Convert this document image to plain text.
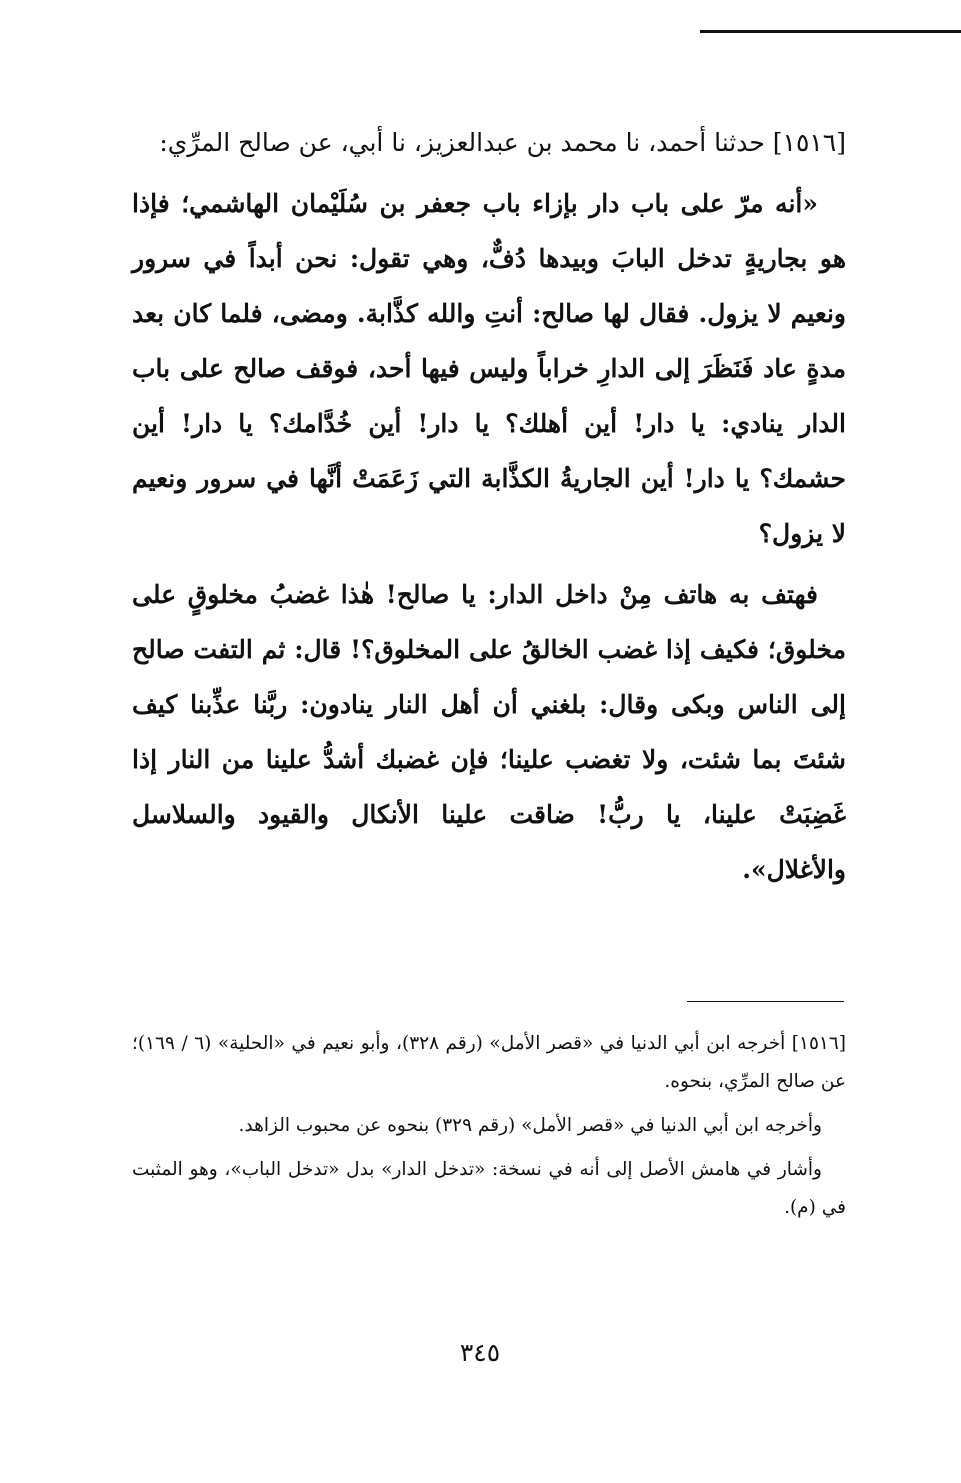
[١٥١٦] حدثنا أحمد، نا محمد بن عبدالعزيز، نا أبي، عن صالح المرِّي:

«أنه مرّ على باب دار بإزاء باب جعفر بن سُلَيْمان الهاشمي؛ فإذا هو بجاريةٍ تدخل البابَ وبيدها دُفٌّ، وهي تقول: نحن أبداً في سرور ونعيم لا يزول. فقال لها صالح: أنتِ والله كذَّابة. ومضى، فلما كان بعد مدةٍ عاد فَنَظَرَ إلى الدارِ خراباً وليس فيها أحد، فوقف صالح على باب الدار ينادي: يا دار! أين أهلك؟ يا دار! أين خُدَّامك؟ يا دار! أين حشمك؟ يا دار! أين الجاريةُ الكذَّابة التي زَعَمَتْ أنَّها في سرور ونعيم لا يزول؟

فهتف به هاتف مِنْ داخل الدار: يا صالح! هٰذا غضبُ مخلوقٍ على مخلوق؛ فكيف إذا غضب الخالقُ على المخلوق؟! قال: ثم التفت صالح إلى الناس وبكى وقال: بلغني أن أهل النار ينادون: ربَّنا عذِّبنا كيف شئتَ بما شئت، ولا تغضب علينا؛ فإن غضبك أشدُّ علينا من النار إذا غَضِبَتْ علينا، يا ربُّ! ضاقت علينا الأنكال والقيود والسلاسل والأغلال».

[١٥١٦] أخرجه ابن أبي الدنيا في «قصر الأمل» (رقم ٣٢٨)، وأبو نعيم في «الحلية» (٦ / ١٦٩)؛ عن صالح المرِّي، بنحوه.

وأخرجه ابن أبي الدنيا في «قصر الأمل» (رقم ٣٢٩) بنحوه عن محبوب الزاهد.

وأشار في هامش الأصل إلى أنه في نسخة: «تدخل الدار» بدل «تدخل الباب»، وهو المثبت في (م).

٣٤٥
